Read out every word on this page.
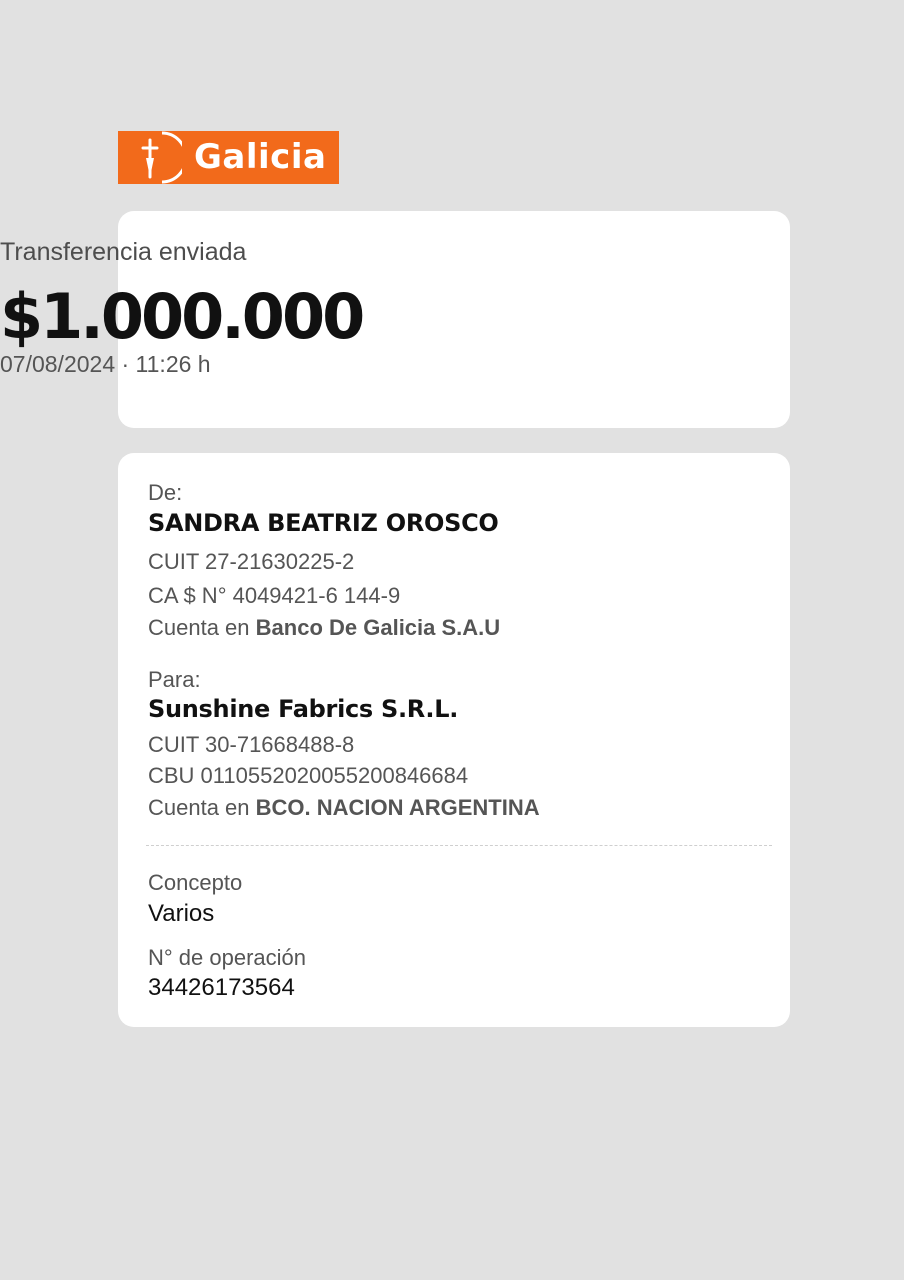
Galicia
Transferencia enviada
$1.000.000
07/08/2024 · 11:26 h
De:
SANDRA BEATRIZ OROSCO
CUIT 27-21630225-2
CA $ N° 4049421-6 144-9
Cuenta en Banco De Galicia S.A.U
Para:
Sunshine Fabrics S.R.L.
CUIT 30-71668488-8
CBU 0110552020055200846684
Cuenta en BCO. NACION ARGENTINA
Concepto
Varios
N° de operación
34426173564
